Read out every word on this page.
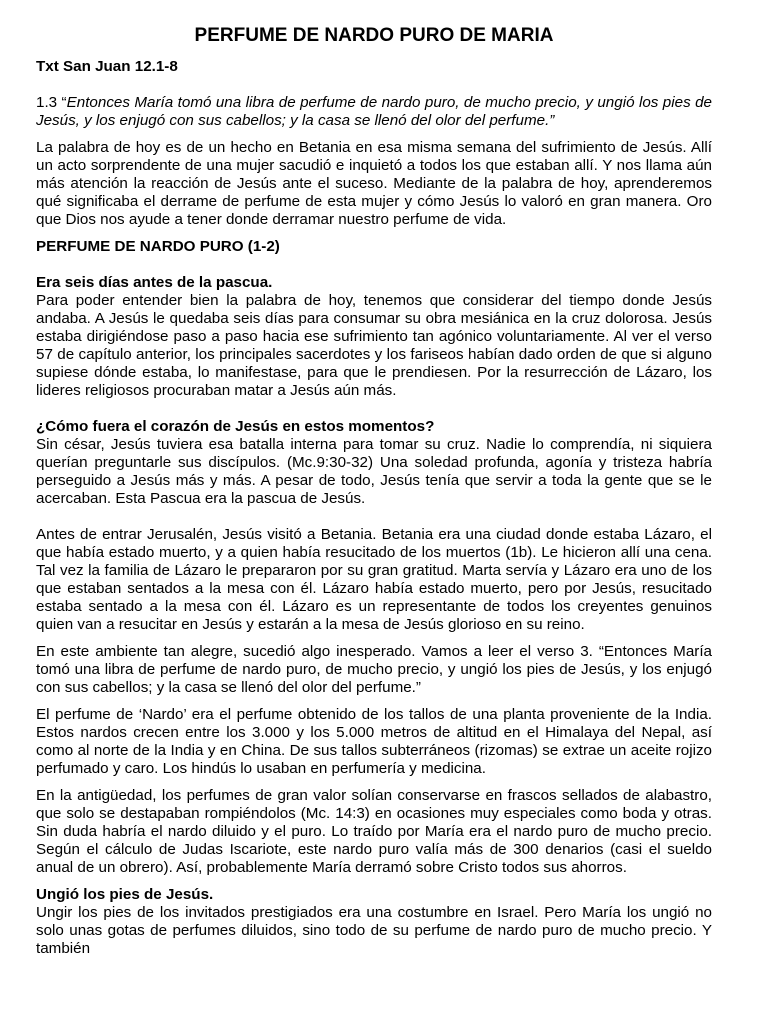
PERFUME DE NARDO PURO DE MARIA
Txt San Juan 12.1-8
1.3 “Entonces María tomó una libra de perfume de nardo puro, de mucho precio, y ungió los pies de Jesús, y los enjugó con sus cabellos; y la casa se llenó del olor del perfume.”

La palabra de hoy es de un hecho en Betania en esa misma semana del sufrimiento de Jesús. Allí un acto sorprendente de una mujer sacudió e inquietó a todos los que estaban allí. Y nos llama aún más atención la reacción de Jesús ante el suceso. Mediante de la palabra de hoy, aprenderemos qué significaba el derrame de perfume de esta mujer y cómo Jesús lo valoró en gran manera. Oro que Dios nos ayude a tener donde derramar nuestro perfume de vida.

PERFUME DE NARDO PURO (1-2)
Era seis días antes de la pascua.
Para poder entender bien la palabra de hoy, tenemos que considerar del tiempo donde Jesús andaba. A Jesús le quedaba seis días para consumar su obra mesiánica en la cruz dolorosa. Jesús estaba dirigiéndose paso a paso hacia ese sufrimiento tan agónico voluntariamente. Al ver el verso 57 de capítulo anterior, los principales sacerdotes y los fariseos habían dado orden de que si alguno supiese dónde estaba, lo manifestase, para que le prendiesen. Por la resurrección de Lázaro, los lideres religiosos procuraban matar a Jesús aún más.
¿Cómo fuera el corazón de Jesús en estos momentos?
Sin césar, Jesús tuviera esa batalla interna para tomar su cruz. Nadie lo comprendía, ni siquiera querían preguntarle sus discípulos. (Mc.9:30-32) Una soledad profunda, agonía y tristeza habría perseguido a Jesús más y más. A pesar de todo, Jesús tenía que servir a toda la gente que se le acercaban. Esta Pascua era la pascua de Jesús.

Antes de entrar Jerusalén, Jesús visitó a Betania. Betania era una ciudad donde estaba Lázaro, el que había estado muerto, y a quien había resucitado de los muertos (1b). Le hicieron allí una cena. Tal vez la familia de Lázaro le prepararon por su gran gratitud. Marta servía y Lázaro era uno de los que estaban sentados a la mesa con él. Lázaro había estado muerto, pero por Jesús, resucitado estaba sentado a la mesa con él. Lázaro es un representante de todos los creyentes genuinos quien van a resucitar en Jesús y estarán a la mesa de Jesús glorioso en su reino.

En este ambiente tan alegre, sucedió algo inesperado. Vamos a leer el verso 3. “Entonces María tomó una libra de perfume de nardo puro, de mucho precio, y ungió los pies de Jesús, y los enjugó con sus cabellos; y la casa se llenó del olor del perfume.”

El perfume de ‘Nardo’ era el perfume obtenido de los tallos de una planta proveniente de la India. Estos nardos crecen entre los 3.000 y los 5.000 metros de altitud en el Himalaya del Nepal, así como al norte de la India y en China. De sus tallos subterráneos (rizomas) se extrae un aceite rojizo perfumado y caro. Los hindús lo usaban en perfumería y medicina.

En la antigüedad, los perfumes de gran valor solían conservarse en frascos sellados de alabastro, que solo se destapaban rompiéndolos (Mc. 14:3) en ocasiones muy especiales como boda y otras. Sin duda habría el nardo diluido y el puro. Lo traído por María era el nardo puro de mucho precio. Según el cálculo de Judas Iscariote, este nardo puro valía más de 300 denarios (casi el sueldo anual de un obrero). Así, probablemente María derramó sobre Cristo todos sus ahorros.

Ungió los pies de Jesús.
Ungir los pies de los invitados prestigiados era una costumbre en Israel. Pero María los ungió no solo unas gotas de perfumes diluidos, sino todo de su perfume de nardo puro de mucho precio. Y también
